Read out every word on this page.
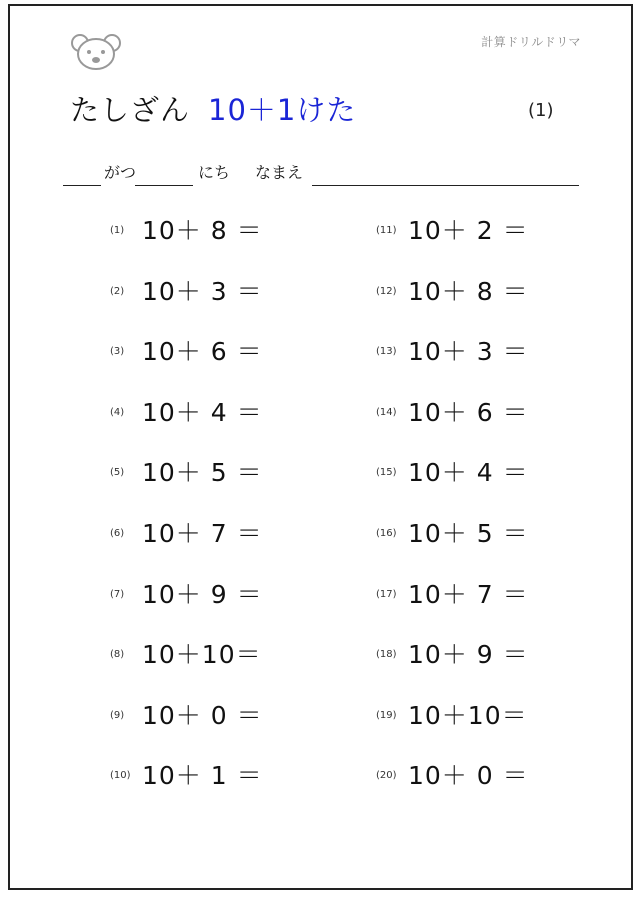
計算ドリルドリマ
たしざん 10＋1けた	(1)
がつ	にち なまえ
(1) 10＋ 8 ＝
(2) 10＋ 3 ＝
(3) 10＋ 6 ＝
(4) 10＋ 4 ＝
(5) 10＋ 5 ＝
(6) 10＋ 7 ＝
(7) 10＋ 9 ＝
(8) 10＋10＝
(9) 10＋ 0 ＝
(10) 10＋ 1 ＝
(11) 10＋ 2 ＝
(12) 10＋ 8 ＝
(13) 10＋ 3 ＝
(14) 10＋ 6 ＝
(15) 10＋ 4 ＝
(16) 10＋ 5 ＝
(17) 10＋ 7 ＝
(18) 10＋ 9 ＝
(19) 10＋10＝
(20) 10＋ 0 ＝
